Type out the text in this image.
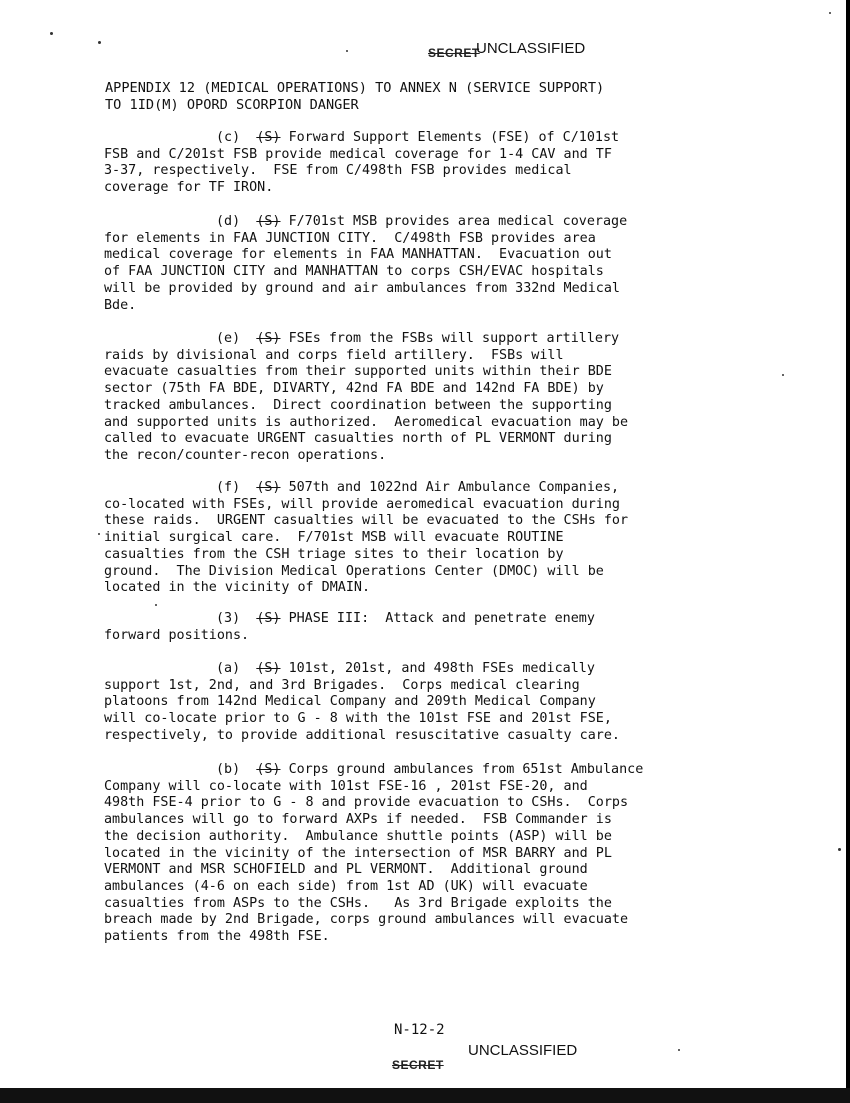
SECRET
UNCLASSIFIED
APPENDIX 12 (MEDICAL OPERATIONS) TO ANNEX N (SERVICE SUPPORT)
TO 1ID(M) OPORD SCORPION DANGER
(c) (S) Forward Support Elements (FSE) of C/101st
FSB and C/201st FSB provide medical coverage for 1-4 CAV and TF
3-37, respectively.  FSE from C/498th FSB provides medical
coverage for TF IRON.
(d) (S) F/701st MSB provides area medical coverage
for elements in FAA JUNCTION CITY.  C/498th FSB provides area
medical coverage for elements in FAA MANHATTAN.  Evacuation out
of FAA JUNCTION CITY and MANHATTAN to corps CSH/EVAC hospitals
will be provided by ground and air ambulances from 332nd Medical
Bde.
(e) (S) FSEs from the FSBs will support artillery
raids by divisional and corps field artillery.  FSBs will
evacuate casualties from their supported units within their BDE
sector (75th FA BDE, DIVARTY, 42nd FA BDE and 142nd FA BDE) by
tracked ambulances.  Direct coordination between the supporting
and supported units is authorized.  Aeromedical evacuation may be
called to evacuate URGENT casualties north of PL VERMONT during
the recon/counter-recon operations.
(f) (S) 507th and 1022nd Air Ambulance Companies,
co-located with FSEs, will provide aeromedical evacuation during
these raids.  URGENT casualties will be evacuated to the CSHs for
initial surgical care.  F/701st MSB will evacuate ROUTINE
casualties from the CSH triage sites to their location by
ground.  The Division Medical Operations Center (DMOC) will be
located in the vicinity of DMAIN.
(3) (S) PHASE III:  Attack and penetrate enemy
forward positions.
(a) (S) 101st, 201st, and 498th FSEs medically
support 1st, 2nd, and 3rd Brigades.  Corps medical clearing
platoons from 142nd Medical Company and 209th Medical Company
will co-locate prior to G - 8 with the 101st FSE and 201st FSE,
respectively, to provide additional resuscitative casualty care.
(b) (S) Corps ground ambulances from 651st Ambulance
Company will co-locate with 101st FSE-16 , 201st FSE-20, and
498th FSE-4 prior to G - 8 and provide evacuation to CSHs.  Corps
ambulances will go to forward AXPs if needed.  FSB Commander is
the decision authority.  Ambulance shuttle points (ASP) will be
located in the vicinity of the intersection of MSR BARRY and PL
VERMONT and MSR SCHOFIELD and PL VERMONT.  Additional ground
ambulances (4-6 on each side) from 1st AD (UK) will evacuate
casualties from ASPs to the CSHs.   As 3rd Brigade exploits the
breach made by 2nd Brigade, corps ground ambulances will evacuate
patients from the 498th FSE.
N-12-2
UNCLASSIFIED
SECRET
